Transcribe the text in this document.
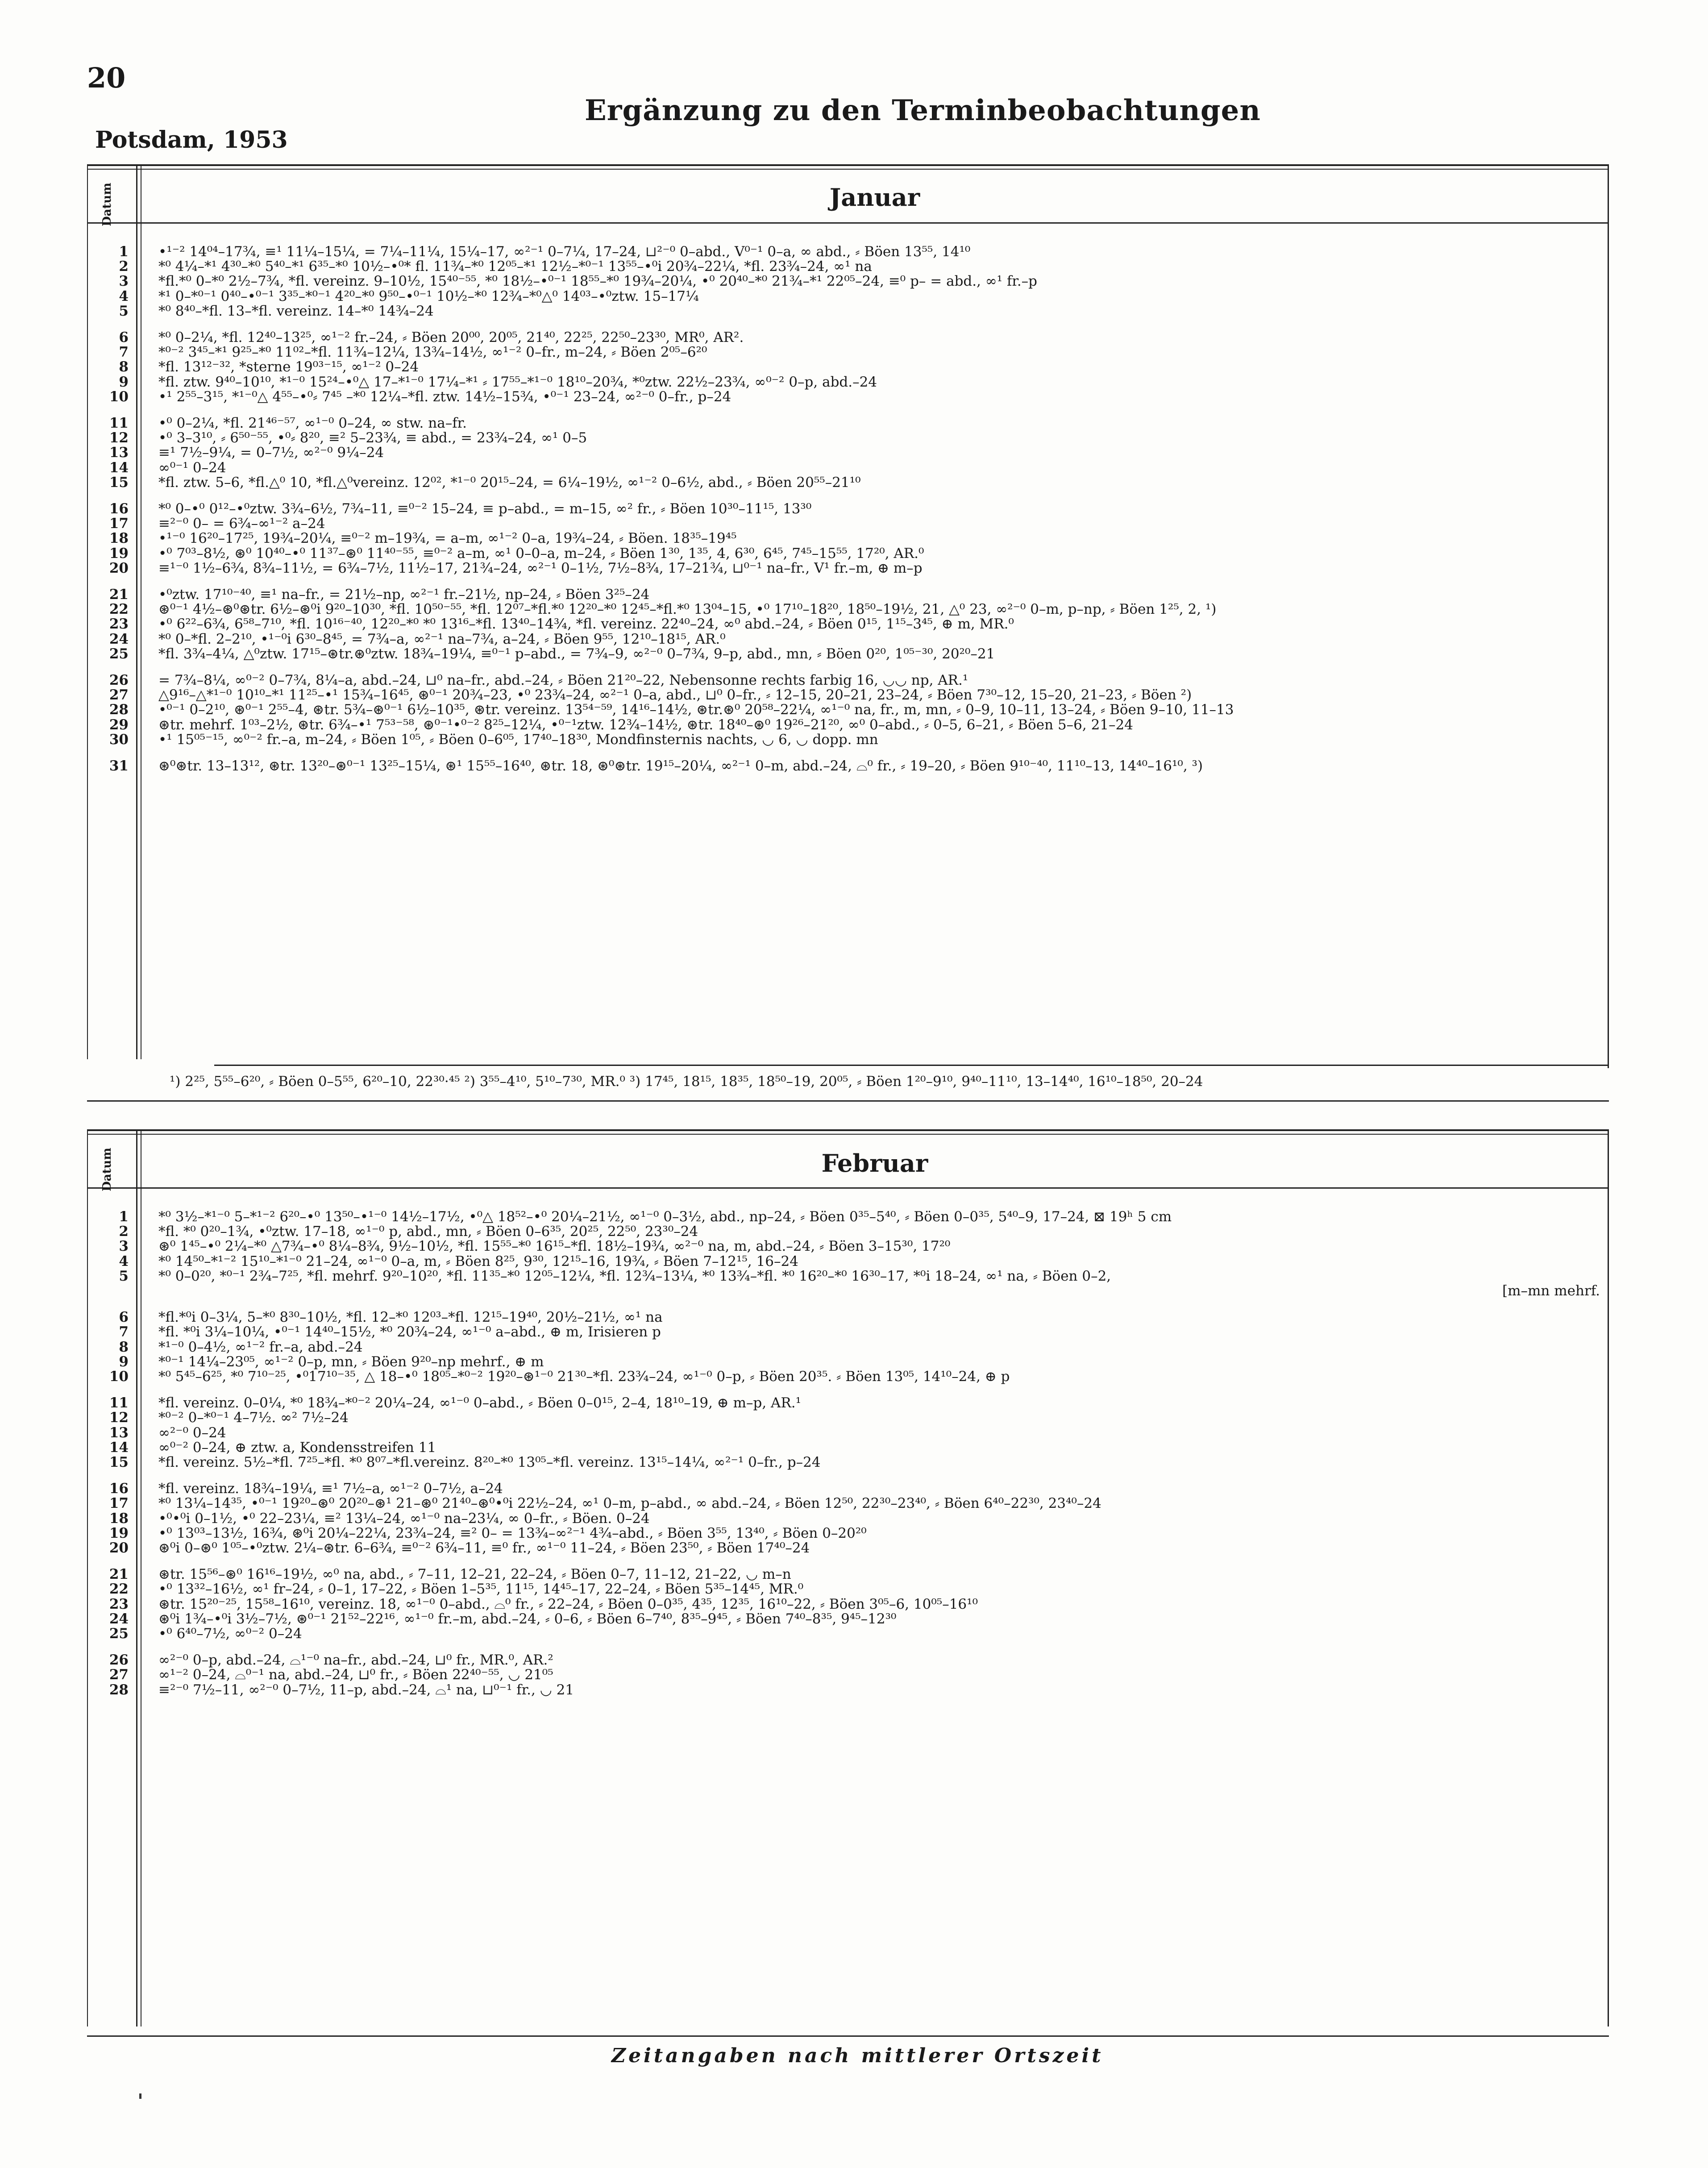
20
Ergänzung zu den Terminbeobachtungen
Potsdam, 1953
Datum	Januar
1 •¹⁻² 14⁰⁴–17¾, ≡¹ 11¼–15¼, = 7¼–11¼, 15¼–17, ∞²⁻¹ 0–7¼, 17–24, ⊔²⁻⁰ 0–abd., V⁰⁻¹ 0–a, ∞ abd., ⸗ Böen 13⁵⁵, 14¹⁰
2 *⁰ 4¼–*¹ 4³⁰–*⁰ 5⁴⁰–*¹ 6³⁵–*⁰ 10½–•⁰* fl. 11¾–*⁰ 12⁰⁵–*¹ 12½–*⁰⁻¹ 13⁵⁵–•⁰i 20¾–22¼, *fl. 23¾–24, ∞¹ na
3 *fl.*⁰ 0–*⁰ 2½–7¾, *fl. vereinz. 9–10½, 15⁴⁰⁻⁵⁵, *⁰ 18½–•⁰⁻¹ 18⁵⁵–*⁰ 19¾–20¼, •⁰ 20⁴⁰–*⁰ 21¾–*¹ 22⁰⁵–24, ≡⁰ p– = abd., ∞¹ fr.–p
4 *¹ 0–*⁰⁻¹ 0⁴⁰–•⁰⁻¹ 3³⁵–*⁰⁻¹ 4²⁰–*⁰ 9⁵⁰–•⁰⁻¹ 10½–*⁰ 12¾–*⁰△⁰ 14⁰³–•⁰ztw. 15–17¼
5 *⁰ 8⁴⁰–*fl. 13–*fl. vereinz. 14–*⁰ 14¾–24
6 *⁰ 0–2¼, *fl. 12⁴⁰–13²⁵, ∞¹⁻² fr.–24, ⸗ Böen 20⁰⁰, 20⁰⁵, 21⁴⁰, 22²⁵, 22⁵⁰–23³⁰, MR⁰, AR².
7 *⁰⁻² 3⁴⁵–*¹ 9²⁵–*⁰ 11⁰²–*fl. 11¾–12¼, 13¾–14½, ∞¹⁻² 0–fr., m–24, ⸗ Böen 2⁰⁵–6²⁰
8 *fl. 13¹²⁻³², *sterne 19⁰³⁻¹⁵, ∞¹⁻² 0–24
9 *fl. ztw. 9⁴⁰–10¹⁰, *¹⁻⁰ 15²⁴–•⁰△ 17–*¹⁻⁰ 17¼–*¹ ⸗ 17⁵⁵–*¹⁻⁰ 18¹⁰–20¾, *⁰ztw. 22½–23¾, ∞⁰⁻² 0–p, abd.–24
10 •¹ 2⁵⁵–3¹⁵, *¹⁻⁰△ 4⁵⁵–•⁰⸗ 7⁴⁵ –*⁰ 12¼–*fl. ztw. 14½–15¾, •⁰⁻¹ 23–24, ∞²⁻⁰ 0–fr., p–24
11 •⁰ 0–2¼, *fl. 21⁴⁶⁻⁵⁷, ∞¹⁻⁰ 0–24, ∞ stw. na–fr.
12 •⁰ 3–3¹⁰, ⸗ 6⁵⁰⁻⁵⁵, •⁰⸗ 8²⁰, ≡² 5–23¾, ≡ abd., = 23¾–24, ∞¹ 0–5
13 ≡¹ 7½–9¼, = 0–7½, ∞²⁻⁰ 9¼–24
14 ∞⁰⁻¹ 0–24
15 *fl. ztw. 5–6, *fl.△⁰ 10, *fl.△⁰vereinz. 12⁰², *¹⁻⁰ 20¹⁵–24, = 6¼–19½, ∞¹⁻² 0–6½, abd., ⸗ Böen 20⁵⁵–21¹⁰
16 *⁰ 0–•⁰ 0¹²–•⁰ztw. 3¾–6½, 7¾–11, ≡⁰⁻² 15–24, ≡ p–abd., = m–15, ∞² fr., ⸗ Böen 10³⁰–11¹⁵, 13³⁰
17 ≡²⁻⁰ 0– = 6¾–∞¹⁻² a–24
18 •¹⁻⁰ 16²⁰–17²⁵, 19¾–20¼, ≡⁰⁻² m–19¾, = a–m, ∞¹⁻² 0–a, 19¾–24, ⸗ Böen. 18³⁵–19⁴⁵
19 •⁰ 7⁰³–8½, ⊛⁰ 10⁴⁰–•⁰ 11³⁷–⊛⁰ 11⁴⁰⁻⁵⁵, ≡⁰⁻² a–m, ∞¹ 0–0–a, m–24, ⸗ Böen 1³⁰, 1³⁵, 4, 6³⁰, 6⁴⁵, 7⁴⁵–15⁵⁵, 17²⁰, AR.⁰
20 ≡¹⁻⁰ 1½–6¾, 8¾–11½, = 6¾–7½, 11½–17, 21¾–24, ∞²⁻¹ 0–1½, 7½–8¾, 17–21¾, ⊔⁰⁻¹ na–fr., V¹ fr.–m, ⊕ m–p
21 •⁰ztw. 17¹⁰⁻⁴⁰, ≡¹ na–fr., = 21½–np, ∞²⁻¹ fr.–21½, np–24, ⸗ Böen 3²⁵–24
22 ⊛⁰⁻¹ 4½–⊛⁰⊛tr. 6½–⊛⁰i 9²⁰–10³⁰, *fl. 10⁵⁰⁻⁵⁵, *fl. 12⁰⁷–*fl.*⁰ 12²⁰–*⁰ 12⁴⁵–*fl.*⁰ 13⁰⁴–15, •⁰ 17¹⁰–18²⁰, 18⁵⁰–19½, 21, △⁰ 23, ∞²⁻⁰ 0–m, p–np, ⸗ Böen 1²⁵, 2, ¹)
23 •⁰ 6²²–6¾, 6⁵⁸–7¹⁰, *fl. 10¹⁶⁻⁴⁰, 12²⁰–*⁰ *⁰ 13¹⁶–*fl. 13⁴⁰–14¾, *fl. vereinz. 22⁴⁰–24, ∞⁰ abd.–24, ⸗ Böen 0¹⁵, 1¹⁵–3⁴⁵, ⊕ m, MR.⁰
24 *⁰ 0–*fl. 2–2¹⁰, •¹⁻⁰i 6³⁰–8⁴⁵, = 7¾–a, ∞²⁻¹ na–7¾, a–24, ⸗ Böen 9⁵⁵, 12¹⁰–18¹⁵, AR.⁰
25 *fl. 3¾–4¼, △⁰ztw. 17¹⁵–⊛tr.⊛⁰ztw. 18¾–19¼, ≡⁰⁻¹ p–abd., = 7¾–9, ∞²⁻⁰ 0–7¾, 9–p, abd., mn, ⸗ Böen 0²⁰, 1⁰⁵⁻³⁰, 20²⁰–21
26 = 7¾–8¼, ∞⁰⁻² 0–7¾, 8¼–a, abd.–24, ⊔⁰ na–fr., abd.–24, ⸗ Böen 21²⁰–22, Nebensonne rechts farbig 16, ◡◡ np, AR.¹
27 △9¹⁶–△*¹⁻⁰ 10¹⁰–*¹ 11²⁵–•¹ 15¾–16⁴⁵, ⊛⁰⁻¹ 20¾–23, •⁰ 23¾–24, ∞²⁻¹ 0–a, abd., ⊔⁰ 0–fr., ⸗ 12–15, 20–21, 23–24, ⸗ Böen 7³⁰–12, 15–20, 21–23, ⸗ Böen ²)
28 •⁰⁻¹ 0–2¹⁰, ⊛⁰⁻¹ 2⁵⁵–4, ⊛tr. 5¾–⊛⁰⁻¹ 6½–10³⁵, ⊛tr. vereinz. 13⁵⁴⁻⁵⁹, 14¹⁶–14½, ⊛tr.⊛⁰ 20⁵⁸–22¼, ∞¹⁻⁰ na, fr., m, mn, ⸗ 0–9, 10–11, 13–24, ⸗ Böen 9–10, 11–13
29 ⊛tr. mehrf. 1⁰³–2½, ⊛tr. 6¾–•¹ 7⁵³⁻⁵⁸, ⊛⁰⁻¹•⁰⁻² 8²⁵–12¼, •⁰⁻¹ztw. 12¾–14½, ⊛tr. 18⁴⁰–⊛⁰ 19²⁶–21²⁰, ∞⁰ 0–abd., ⸗ 0–5, 6–21, ⸗ Böen 5–6, 21–24
30 •¹ 15⁰⁵⁻¹⁵, ∞⁰⁻² fr.–a, m–24, ⸗ Böen 1⁰⁵, ⸗ Böen 0–6⁰⁵, 17⁴⁰–18³⁰, Mondfinsternis nachts, ◡ 6, ◡ dopp. mn
31 ⊛⁰⊛tr. 13–13¹², ⊛tr. 13²⁰–⊛⁰⁻¹ 13²⁵–15¼, ⊛¹ 15⁵⁵–16⁴⁰, ⊛tr. 18, ⊛⁰⊛tr. 19¹⁵–20¼, ∞²⁻¹ 0–m, abd.–24, ⌓⁰ fr., ⸗ 19–20, ⸗ Böen 9¹⁰⁻⁴⁰, 11¹⁰–13, 14⁴⁰–16¹⁰, ³)
¹) 2²⁵, 5⁵⁵–6²⁰, ⸗ Böen 0–5⁵⁵, 6²⁰–10, 22³⁰·⁴⁵ ²) 3⁵⁵–4¹⁰, 5¹⁰–7³⁰, MR.⁰ ³) 17⁴⁵, 18¹⁵, 18³⁵, 18⁵⁰–19, 20⁰⁵, ⸗ Böen 1²⁰–9¹⁰, 9⁴⁰–11¹⁰, 13–14⁴⁰, 16¹⁰–18⁵⁰, 20–24
Datum	Februar
1 *⁰ 3½–*¹⁻⁰ 5–*¹⁻² 6²⁰–•⁰ 13⁵⁰–•¹⁻⁰ 14½–17½, •⁰△ 18⁵²–•⁰ 20¼–21½, ∞¹⁻⁰ 0–3½, abd., np–24, ⸗ Böen 0³⁵–5⁴⁰, ⸗ Böen 0–0³⁵, 5⁴⁰–9, 17–24, ⊠ 19ʰ 5 cm
2 *fl. *⁰ 0²⁰–1¾, •⁰ztw. 17–18, ∞¹⁻⁰ p, abd., mn, ⸗ Böen 0–6³⁵, 20²⁵, 22⁵⁰, 23³⁰–24
3 ⊛⁰ 1⁴⁵–•⁰ 2¼–*⁰ △7¾–•⁰ 8¼–8¾, 9½–10½, *fl. 15⁵⁵–*⁰ 16¹⁵–*fl. 18½–19¾, ∞²⁻⁰ na, m, abd.–24, ⸗ Böen 3–15³⁰, 17²⁰
4 *⁰ 14⁵⁰–*¹⁻² 15¹⁰–*¹⁻⁰ 21–24, ∞¹⁻⁰ 0–a, m, ⸗ Böen 8²⁵, 9³⁰, 12¹⁵–16, 19¾, ⸗ Böen 7–12¹⁵, 16–24
5 *⁰ 0–0²⁰, *⁰⁻¹ 2¾–7²⁵, *fl. mehrf. 9²⁰–10²⁰, *fl. 11³⁵–*⁰ 12⁰⁵–12¼, *fl. 12¾–13¼, *⁰ 13¾–*fl. *⁰ 16²⁰–*⁰ 16³⁰–17, *⁰i 18–24, ∞¹ na, ⸗ Böen 0–2,
[m–mn mehrf.
6 *fl.*⁰i 0–3¼, 5–*⁰ 8³⁰–10½, *fl. 12–*⁰ 12⁰³–*fl. 12¹⁵–19⁴⁰, 20½–21½, ∞¹ na
7 *fl. *⁰i 3¼–10¼, •⁰⁻¹ 14⁴⁰–15½, *⁰ 20¾–24, ∞¹⁻⁰ a–abd., ⊕ m, Irisieren p
8 *¹⁻⁰ 0–4½, ∞¹⁻² fr.–a, abd.–24
9 *⁰⁻¹ 14¼–23⁰⁵, ∞¹⁻² 0–p, mn, ⸗ Böen 9²⁰–np mehrf., ⊕ m
10 *⁰ 5⁴⁵–6²⁵, *⁰ 7¹⁰⁻²⁵, •⁰17¹⁰⁻³⁵, △ 18–•⁰ 18⁰⁵–*⁰⁻² 19²⁰–⊛¹⁻⁰ 21³⁰–*fl. 23¾–24, ∞¹⁻⁰ 0–p, ⸗ Böen 20³⁵. ⸗ Böen 13⁰⁵, 14¹⁰–24, ⊕ p
11 *fl. vereinz. 0–0¼, *⁰ 18¾–*⁰⁻² 20¼–24, ∞¹⁻⁰ 0–abd., ⸗ Böen 0–0¹⁵, 2–4, 18¹⁰–19, ⊕ m–p, AR.¹
12 *⁰⁻² 0–*⁰⁻¹ 4–7½. ∞² 7½–24
13 ∞²⁻⁰ 0–24
14 ∞⁰⁻² 0–24, ⊕ ztw. a, Kondensstreifen 11
15 *fl. vereinz. 5½–*fl. 7²⁵–*fl. *⁰ 8⁰⁷–*fl.vereinz. 8²⁰–*⁰ 13⁰⁵–*fl. vereinz. 13¹⁵–14¼, ∞²⁻¹ 0–fr., p–24
16 *fl. vereinz. 18¾–19¼, ≡¹ 7½–a, ∞¹⁻² 0–7½, a–24
17 *⁰ 13¼–14³⁵, •⁰⁻¹ 19²⁰–⊛⁰ 20²⁰–⊛¹ 21–⊛⁰ 21⁴⁰–⊛⁰•⁰i 22½–24, ∞¹ 0–m, p–abd., ∞ abd.–24, ⸗ Böen 12⁵⁰, 22³⁰–23⁴⁰, ⸗ Böen 6⁴⁰–22³⁰, 23⁴⁰–24
18 •⁰•⁰i 0–1½, •⁰ 22–23¼, ≡² 13¼–24, ∞¹⁻⁰ na–23¼, ∞ 0–fr., ⸗ Böen. 0–24
19 •⁰ 13⁰³–13½, 16¾, ⊛⁰i 20¼–22¼, 23¾–24, ≡² 0– = 13¾–∞²⁻¹ 4¾–abd., ⸗ Böen 3⁵⁵, 13⁴⁰, ⸗ Böen 0–20²⁰
20 ⊛⁰i 0–⊛⁰ 1⁰⁵–•⁰ztw. 2¼–⊛tr. 6–6¾, ≡⁰⁻² 6¾–11, ≡⁰ fr., ∞¹⁻⁰ 11–24, ⸗ Böen 23⁵⁰, ⸗ Böen 17⁴⁰–24
21 ⊛tr. 15⁵⁶–⊛⁰ 16¹⁶–19½, ∞⁰ na, abd., ⸗ 7–11, 12–21, 22–24, ⸗ Böen 0–7, 11–12, 21–22, ◡ m–n
22 •⁰ 13³²–16½, ∞¹ fr–24, ⸗ 0–1, 17–22, ⸗ Böen 1–5³⁵, 11¹⁵, 14⁴⁵–17, 22–24, ⸗ Böen 5³⁵–14⁴⁵, MR.⁰
23 ⊛tr. 15²⁰⁻²⁵, 15⁵⁸–16¹⁰, vereinz. 18, ∞¹⁻⁰ 0–abd., ⌓⁰ fr., ⸗ 22–24, ⸗ Böen 0–0³⁵, 4³⁵, 12³⁵, 16¹⁰–22, ⸗ Böen 3⁰⁵–6, 10⁰⁵–16¹⁰
24 ⊛⁰i 1¾–•⁰i 3½–7½, ⊛⁰⁻¹ 21⁵²–22¹⁶, ∞¹⁻⁰ fr.–m, abd.–24, ⸗ 0–6, ⸗ Böen 6–7⁴⁰, 8³⁵–9⁴⁵, ⸗ Böen 7⁴⁰–8³⁵, 9⁴⁵–12³⁰
25 •⁰ 6⁴⁰–7½, ∞⁰⁻² 0–24
26 ∞²⁻⁰ 0–p, abd.–24, ⌓¹⁻⁰ na–fr., abd.–24, ⊔⁰ fr., MR.⁰, AR.²
27 ∞¹⁻² 0–24, ⌓⁰⁻¹ na, abd.–24, ⊔⁰ fr., ⸗ Böen 22⁴⁰⁻⁵⁵, ◡ 21⁰⁵
28 ≡²⁻⁰ 7½–11, ∞²⁻⁰ 0–7½, 11–p, abd.–24, ⌓¹ na, ⊔⁰⁻¹ fr., ◡ 21
Zeitangaben nach mittlerer Ortszeit
